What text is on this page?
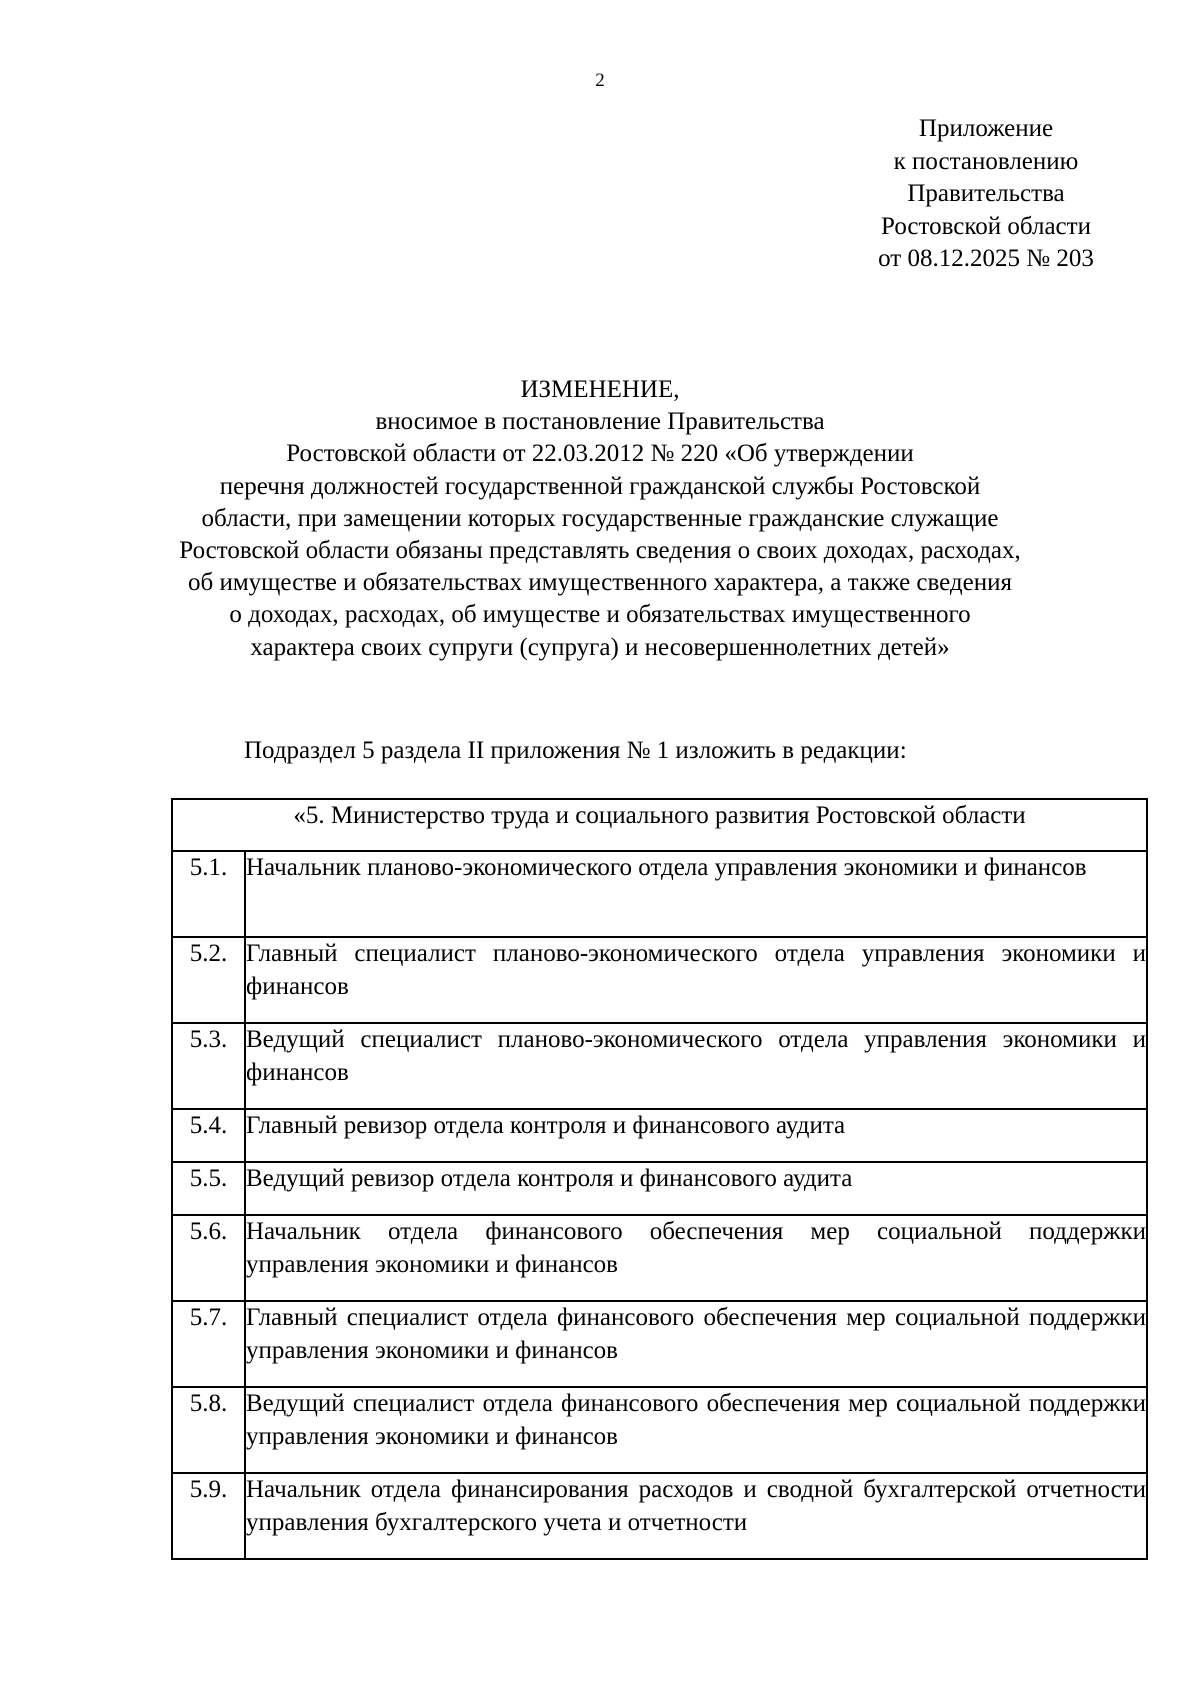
2
Приложение
к постановлению
Правительства
Ростовской области
от 08.12.2025 № 203
ИЗМЕНЕНИЕ,
вносимое в постановление Правительства
Ростовской области от 22.03.2012 № 220 «Об утверждении
перечня должностей государственной гражданской службы Ростовской
области, при замещении которых государственные гражданские служащие
Ростовской области обязаны представлять сведения о своих доходах, расходах,
об имуществе и обязательствах имущественного характера, а также сведения
о доходах, расходах, об имуществе и обязательствах имущественного
характера своих супруги (супруга) и несовершеннолетних детей»
Подраздел 5 раздела II приложения № 1 изложить в редакции:
«5. Министерство труда и социального развития Ростовской области	
5.1.	Начальник планово-экономического отдела управления экономики и финансов
5.2.	Главный специалист планово-экономического отдела управления экономики и финансов
5.3.	Ведущий специалист планово-экономического отдела управления экономики и финансов
5.4.	Главный ревизор отдела контроля и финансового аудита
5.5.	Ведущий ревизор отдела контроля и финансового аудита
5.6.	Начальник отдела финансового обеспечения мер социальной поддержки управления экономики и финансов
5.7.	Главный специалист отдела финансового обеспечения мер социальной поддержки управления экономики и финансов
5.8.	Ведущий специалист отдела финансового обеспечения мер социальной поддержки управления экономики и финансов
5.9.	Начальник отдела финансирования расходов и сводной бухгалтерской отчетности управления бухгалтерского учета и отчетности
